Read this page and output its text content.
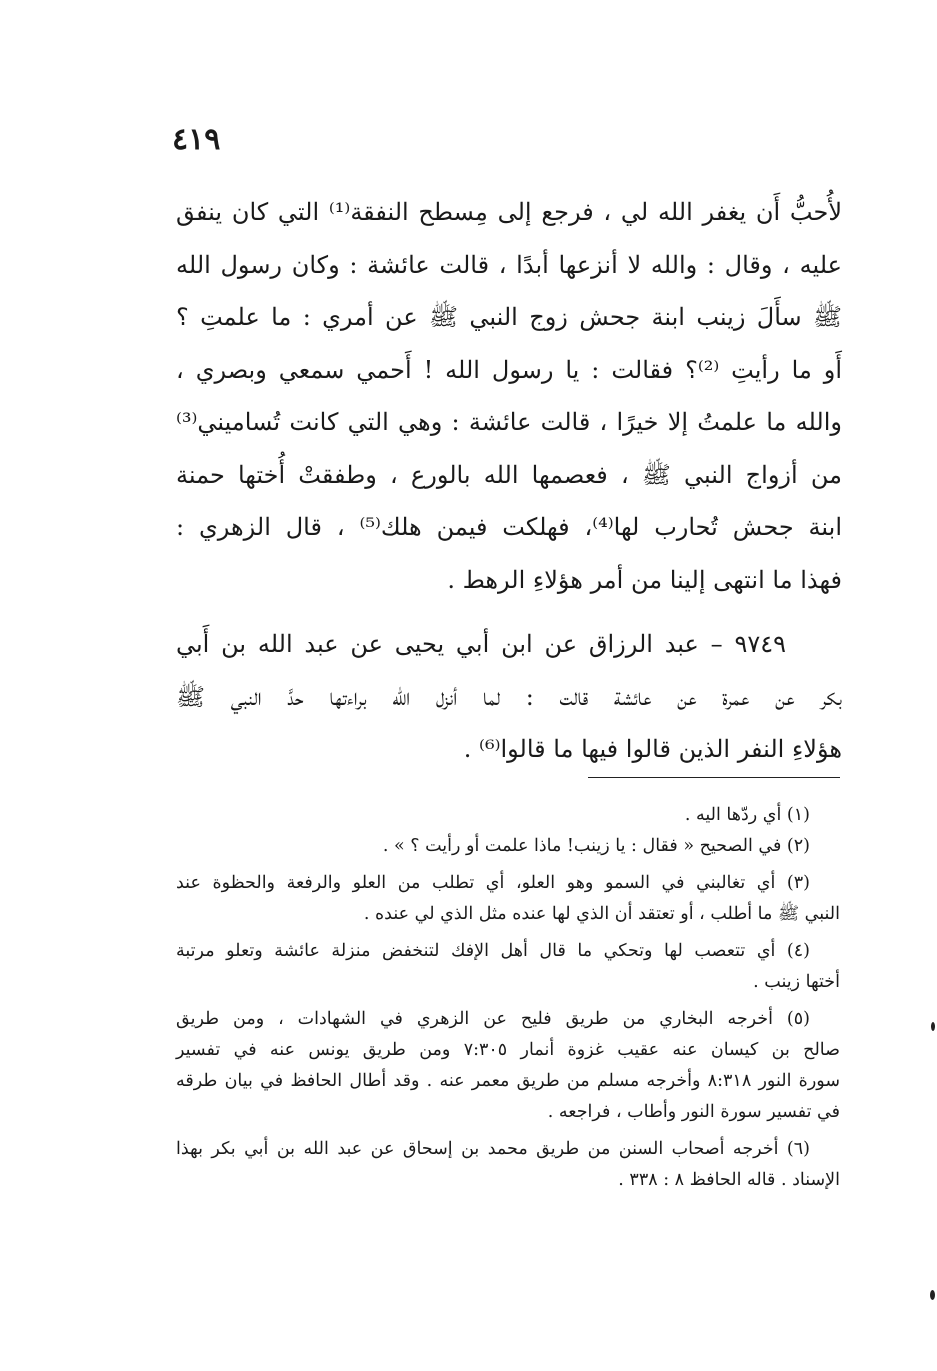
٤١٩
لأُحبُّ أَن يغفر الله لي ، فرجع إلى مِسطح النفقة⁽¹⁾ التي كان ينفق
عليه ، وقال : والله لا أنزعها أبدًا ، قالت عائشة : وكان رسول الله
ﷺ سأَلَ زينب ابنة جحش زوج النبي ﷺ عن أمري : ما علمتِ ؟
أَو ما رأيتِ ⁽²⁾؟ فقالت : يا رسول الله ! أَحمي سمعي وبصري ،
والله ما علمتُ إلا خيرًا ، قالت عائشة : وهي التي كانت تُساميني⁽³⁾
من أزواج النبي ﷺ ، فعصمها الله بالورع ، وطفقتْ أُختها حمنة
ابنة جحش تُحارب لها⁽⁴⁾، فهلكت فيمن هلك⁽⁵⁾ ، قال الزهري :
فهذا ما انتهى إلينا من أمر هؤلاءِ الرهط .
٩٧٤٩ – عبد الرزاق عن ابن أبي يحيى عن عبد الله بن أَبي
بكر عن عمرة عن عائشة قالت : لما أنزل الله براءتها حدَّ النبي ﷺ
هؤلاءِ النفر الذين قالوا فيها ما قالوا⁽⁶⁾ .
(١) أي ردّها اليه .
(٢) في الصحيح « فقال : يا زينب! ماذا علمت أو رأيت ؟ » .
(٣) أي تغالبني في السمو وهو العلو، أي تطلب من العلو والرفعة والحظوة عند
النبي ﷺ ما أطلب ، أو تعتقد أن الذي لها عنده مثل الذي لي عنده .
(٤) أي تتعصب لها وتحكي ما قال أهل الإفك لتنخفض منزلة عائشة وتعلو مرتبة
أختها زينب .
(٥) أخرجه البخاري من طريق فليح عن الزهري في الشهادات ، ومن طريق
صالح بن كيسان عنه عقيب غزوة أنمار ٧:٣٠٥ ومن طريق يونس عنه في تفسير
سورة النور ٨:٣١٨ وأخرجه مسلم من طريق معمر عنه . وقد أطال الحافظ في بيان طرقه
في تفسير سورة النور وأطاب ، فراجعه .
(٦) أخرجه أصحاب السنن من طريق محمد بن إسحاق عن عبد الله بن أبي بكر بهذا
الإسناد . قاله الحافظ ٨ : ٣٣٨ .
